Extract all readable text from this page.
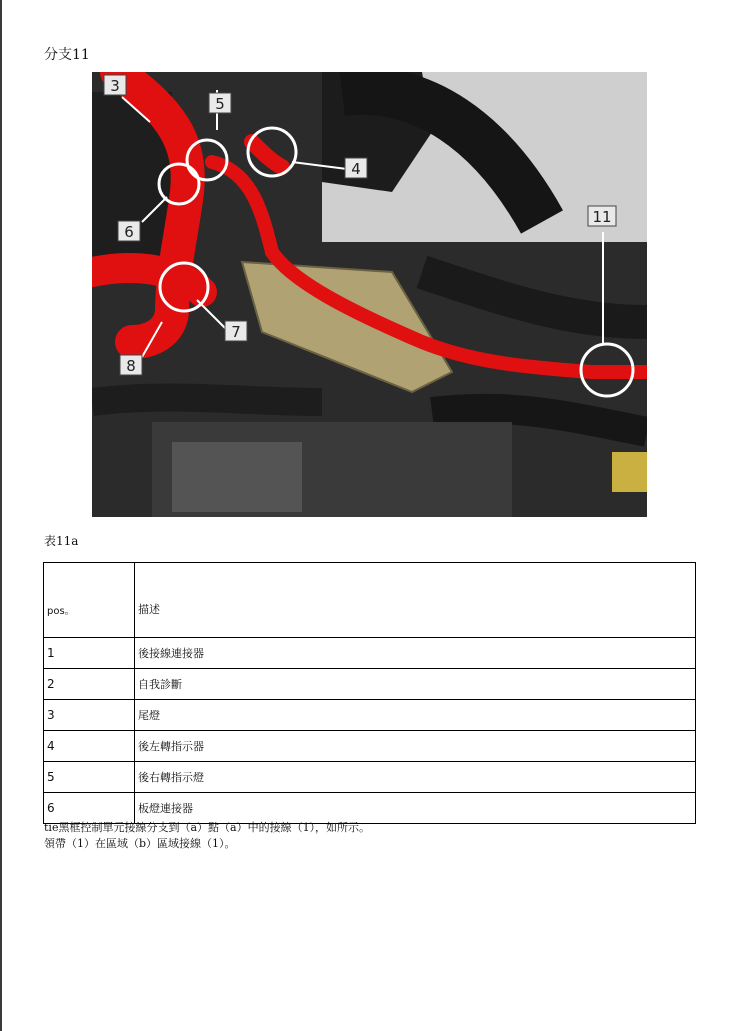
分支11
3
5
4
6
7
8
11
表11a
pos。	描述
1	後接線連接器
2	自我診斷
3	尾燈
4	後左轉指示器
5	後右轉指示燈
6	板燈連接器
tie黑框控制單元接線分支到（a）點（a）中的接線（1），如所示。
領帶（1）在區域（b）區域接線（1）。
